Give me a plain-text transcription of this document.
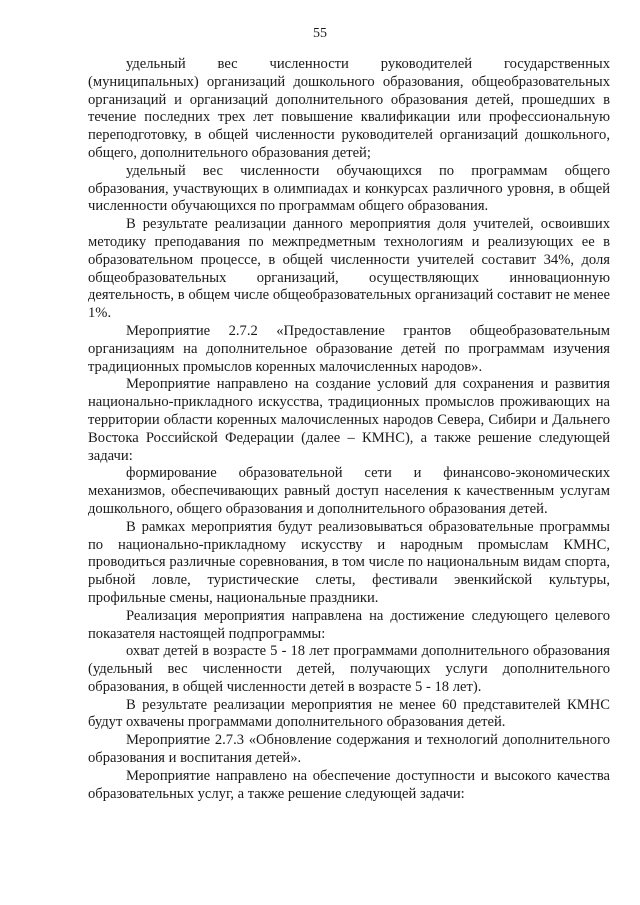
55

удельный вес численности руководителей государственных (муниципальных) организаций дошкольного образования, общеобразовательных организаций и организаций дополнительного образования детей, прошедших в течение последних трех лет повышение квалификации или профессиональную переподготовку, в общей численности руководителей организаций дошкольного, общего, дополнительного образования детей;

удельный вес численности обучающихся по программам общего образования, участвующих в олимпиадах и конкурсах различного уровня, в общей численности обучающихся по программам общего образования.

В результате реализации данного мероприятия доля учителей, освоивших методику преподавания по межпредметным технологиям и реализующих ее в образовательном процессе, в общей численности учителей составит 34%, доля общеобразовательных организаций, осуществляющих инновационную деятельность, в общем числе общеобразовательных организаций составит не менее 1%.

Мероприятие 2.7.2 «Предоставление грантов общеобразовательным организациям на дополнительное образование детей по программам изучения традиционных промыслов коренных малочисленных народов».

Мероприятие направлено на создание условий для сохранения и развития национально-прикладного искусства, традиционных промыслов проживающих на территории области коренных малочисленных народов Севера, Сибири и Дальнего Востока Российской Федерации (далее – КМНС), а также решение следующей задачи:

формирование образовательной сети и финансово-экономических механизмов, обеспечивающих равный доступ населения к качественным услугам дошкольного, общего образования и дополнительного образования детей.

В рамках мероприятия будут реализовываться образовательные программы по национально-прикладному искусству и народным промыслам КМНС, проводиться различные соревнования, в том числе по национальным видам спорта, рыбной ловле, туристические слеты, фестивали эвенкийской культуры, профильные смены, национальные праздники.

Реализация мероприятия направлена на достижение следующего целевого показателя настоящей подпрограммы:

охват детей в возрасте 5 - 18 лет программами дополнительного образования (удельный вес численности детей, получающих услуги дополнительного образования, в общей численности детей в возрасте 5 - 18 лет).

В результате реализации мероприятия не менее 60 представителей КМНС будут охвачены программами дополнительного образования детей.

Мероприятие 2.7.3 «Обновление содержания и технологий дополнительного образования и воспитания детей».

Мероприятие направлено на обеспечение доступности и высокого качества образовательных услуг, а также решение следующей задачи:
